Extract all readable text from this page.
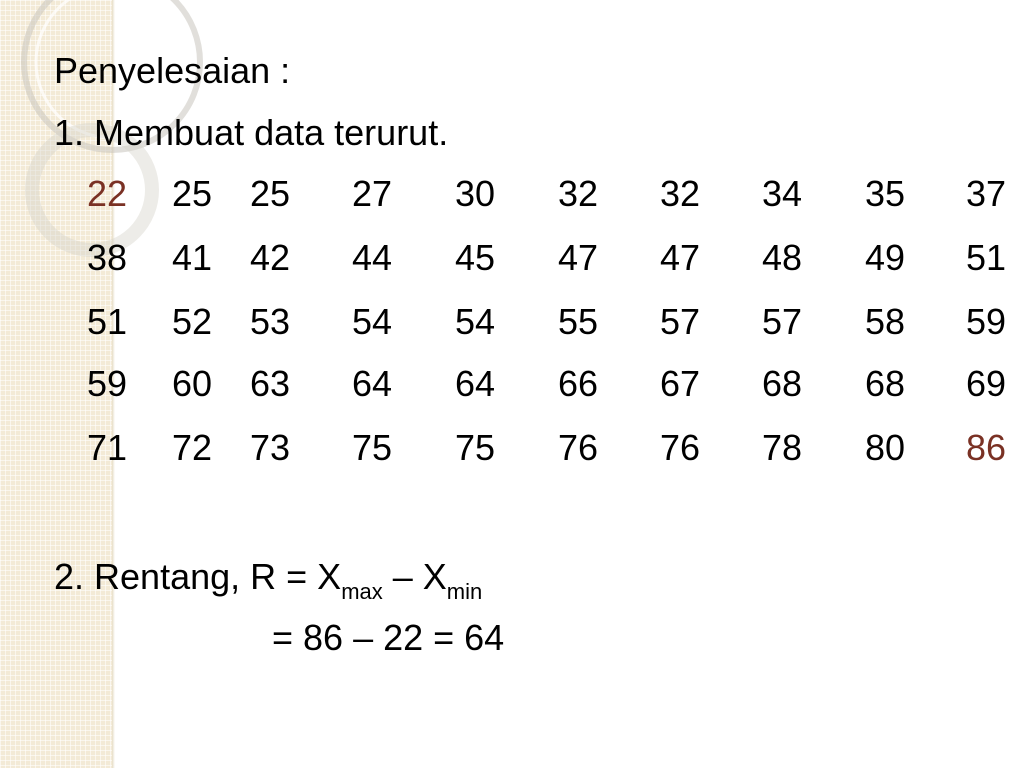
Penyelesaian :

1. Membuat data terurut.

22 25 25 27 30 32 32 34 35 37
38 41 42 44 45 47 47 48 49 51
51 52 53 54 54 55 57 57 58 59
59 60 63 64 64 66 67 68 68 69
71 72 73 75 75 76 76 78 80 86

2. Rentang, $R = X_{max} - X_{min}$

= 86 – 22 = 64
